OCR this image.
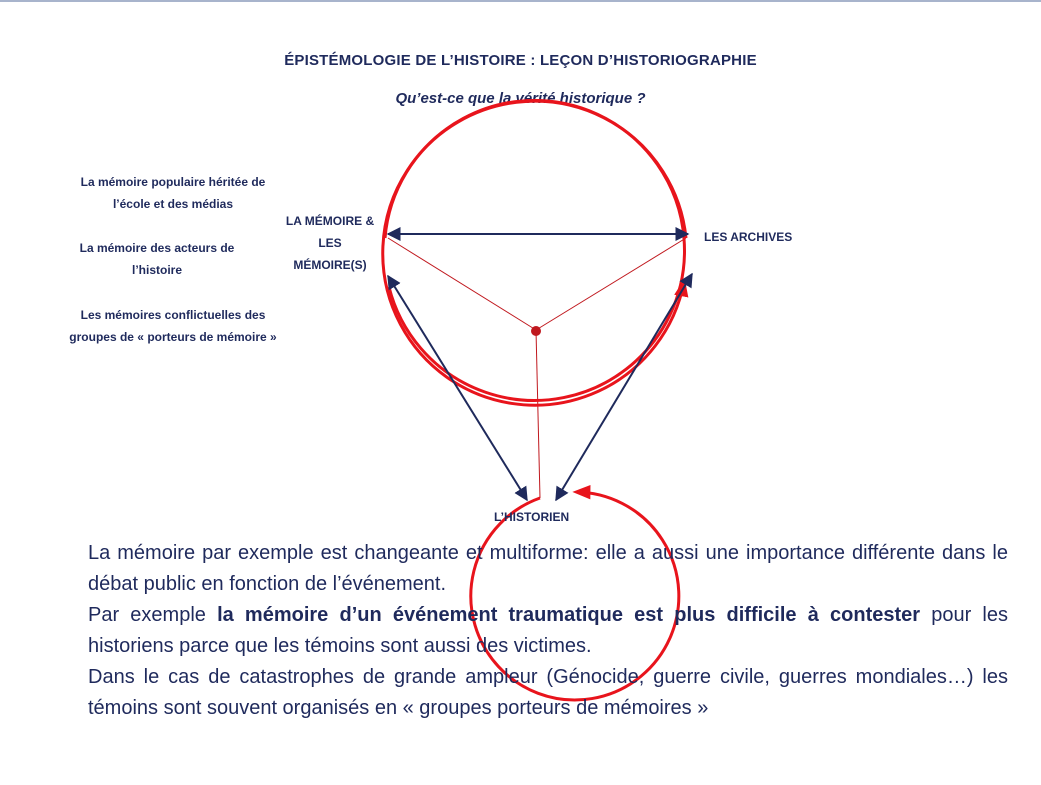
ÉPISTÉMOLOGIE DE L’HISTOIRE : LEÇON D’HISTORIOGRAPHIE
Qu’est-ce que la vérité historique ?
La mémoire populaire héritée de l’école et des médias
La mémoire des acteurs de l’histoire
Les mémoires conflictuelles des groupes de « porteurs de mémoire »
LA MÉMOIRE & LES MÉMOIRE(S)
LES ARCHIVES
L’HISTORIEN

La mémoire par exemple est changeante et multiforme: elle a aussi une importance différente dans le débat public en fonction de l’événement.

Par exemple la mémoire d’un événement traumatique est plus difficile à contester pour les historiens parce que les témoins sont aussi des victimes.

Dans le cas de catastrophes de grande ampleur (Génocide, guerre civile, guerres mondiales…) les témoins sont souvent organisés en « groupes porteurs de mémoires »
